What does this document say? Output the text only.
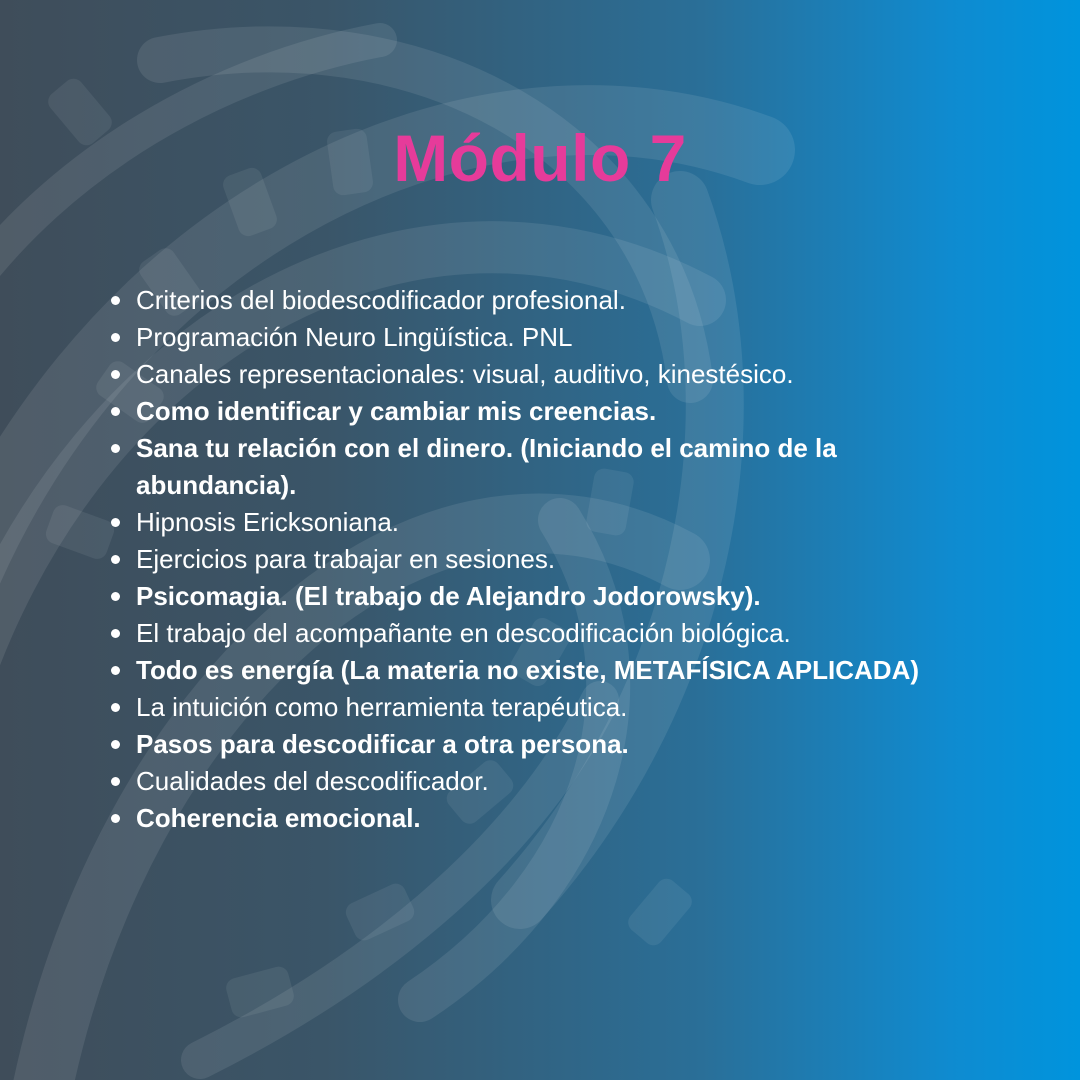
Módulo 7
Criterios del biodescodificador profesional.
Programación Neuro Lingüística. PNL
Canales representacionales: visual, auditivo, kinestésico.
Como identificar y cambiar mis creencias.
Sana tu relación con el dinero. (Iniciando el camino de la abundancia).
Hipnosis Ericksoniana.
Ejercicios para trabajar en sesiones.
Psicomagia. (El trabajo de Alejandro Jodorowsky).
El trabajo del acompañante en descodificación biológica.
Todo es energía (La materia no existe, METAFÍSICA APLICADA)
La intuición como herramienta terapéutica.
Pasos para descodificar a otra persona.
Cualidades del descodificador.
Coherencia emocional.
